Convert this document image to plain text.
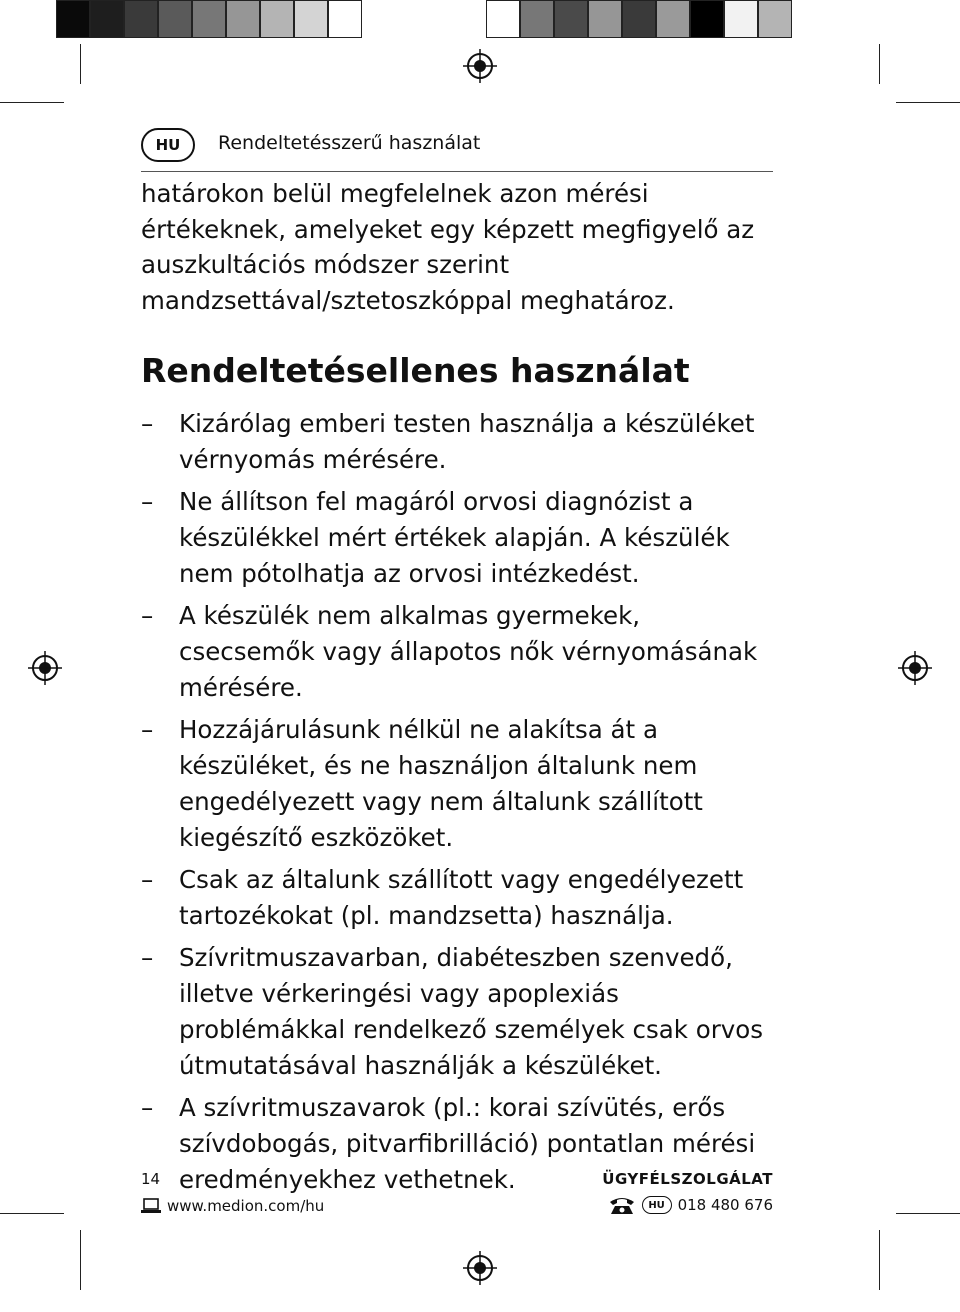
HU	Rendeltetésszerű használat

határokon belül megfelelnek azon mérési értékeknek, amelyeket egy képzett megfigyelő az auszkultációs módszer szerint mandzsettával/sztetoszkóppal meghatároz.

Rendeltetésellenes használat
–	Kizárólag emberi testen használja a készüléket vérnyomás mérésére.
–	Ne állítson fel magáról orvosi diagnózist a készülékkel mért értékek alapján. A készülék nem pótolhatja az orvosi intézkedést.
–	A készülék nem alkalmas gyermekek, csecsemők vagy állapotos nők vérnyomásának mérésére.
–	Hozzájárulásunk nélkül ne alakítsa át a készüléket, és ne használjon általunk nem engedélyezett vagy nem általunk szállított kiegészítő eszközöket.
–	Csak az általunk szállított vagy engedélyezett tartozékokat (pl. mandzsetta) használja.
–	Szívritmuszavarban, diabéteszben szenvedő, illetve vérkeringési vagy apoplexiás problémákkal rendelkező személyek csak orvos útmutatásával használják a készüléket.
–	A szívritmuszavarok (pl.: korai szívütés, erős szívdobogás, pitvarfibrilláció) pontatlan mérési eredményekhez vethetnek.
14	ÜGYFÉLSZOLGÁLAT
www.medion.com/hu	HU 018 480 676
